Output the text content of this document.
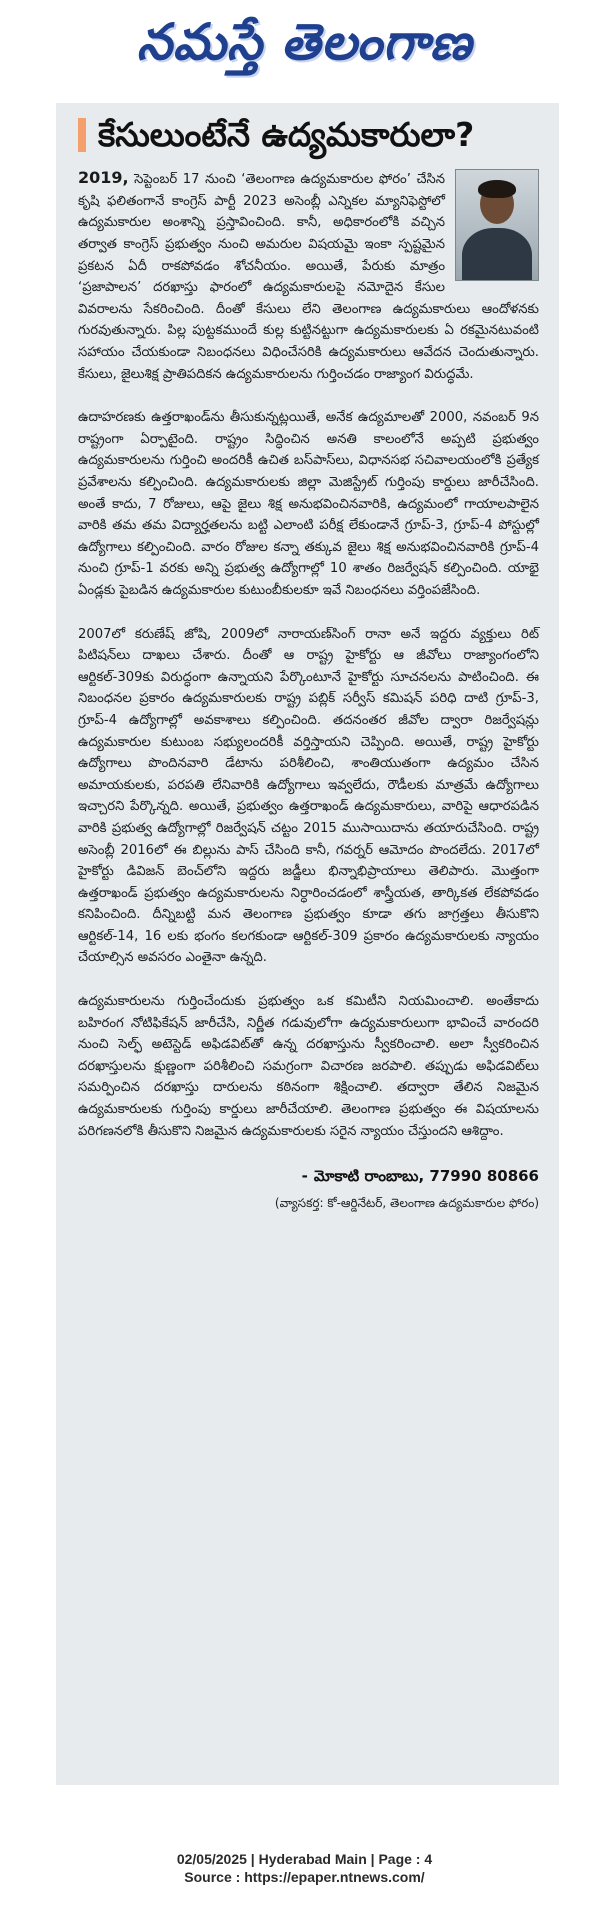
నమస్తే తెలంగాణ
కేసులుంటేనే ఉద్యమకారులా?

2019, సెప్టెంబర్ 17 నుంచి ‘తెలంగాణ ఉద్యమకారుల ఫోరం’ చేసిన కృషి ఫలితంగానే కాంగ్రెస్ పార్టీ 2023 అసెంబ్లీ ఎన్నికల మ్యానిఫెస్టోలో ఉద్యమకారుల అంశాన్ని ప్రస్తావించింది. కానీ, అధికారంలోకి వచ్చిన తర్వాత కాంగ్రెస్ ప్రభుత్వం నుంచి అమరుల విషయమై ఇంకా స్పష్టమైన ప్రకటన ఏదీ రాకపోవడం శోచనీయం. అయితే, పేరుకు మాత్రం ‘ప్రజాపాలన’ దరఖాస్తు ఫారంలో ఉద్యమకారులపై నమోదైన కేసుల వివరాలను సేకరించింది. దీంతో కేసులు లేని తెలంగాణ ఉద్యమకారులు ఆందోళనకు గురవుతున్నారు. పిల్ల పుట్టకముందే కుల్ల కుట్టినట్టుగా ఉద్యమకారులకు ఏ రకమైనటువంటి సహాయం చేయకుండా నిబంధనలు విధించేసరికి ఉద్యమకారులు ఆవేదన చెందుతున్నారు. కేసులు, జైలుశిక్ష ప్రాతిపదికన ఉద్యమకారులను గుర్తించడం రాజ్యాంగ విరుద్ధమే.

ఉదాహరణకు ఉత్తరాఖండ్‌ను తీసుకున్నట్లయితే, అనేక ఉద్యమాలతో 2000, నవంబర్ 9న రాష్ట్రంగా ఏర్పాటైంది. రాష్ట్రం సిద్ధించిన అనతి కాలంలోనే అప్పటి ప్రభుత్వం ఉద్యమకారులను గుర్తించి అందరికీ ఉచిత బస్‌పాస్‌లు, విధానసభ సచివాలయంలోకి ప్రత్యేక ప్రవేశాలను కల్పించింది. ఉద్యమకారులకు జిల్లా మెజిస్ట్రేట్ గుర్తింపు కార్డులు జారీచేసింది. అంతే కాదు, 7 రోజులు, ఆపై జైలు శిక్ష అనుభవించినవారికి, ఉద్యమంలో గాయాలపాలైన వారికి తమ తమ విద్యార్హతలను బట్టి ఎలాంటి పరీక్ష లేకుండానే గ్రూప్-3, గ్రూప్-4 పోస్టుల్లో ఉద్యోగాలు కల్పించింది. వారం రోజుల కన్నా తక్కువ జైలు శిక్ష అనుభవించినవారికి గ్రూప్-4 నుంచి గ్రూప్-1 వరకు అన్ని ప్రభుత్వ ఉద్యోగాల్లో 10 శాతం రిజర్వేషన్ కల్పించింది. యాభై ఏండ్లకు పైబడిన ఉద్యమకారుల కుటుంబీకులకూ ఇవే నిబంధనలు వర్తింపజేసింది.

2007లో కరుణేష్ జోషి, 2009లో నారాయణ్‌సింగ్ రానా అనే ఇద్దరు వ్యక్తులు రిట్ పిటిషన్‌లు దాఖలు చేశారు. దీంతో ఆ రాష్ట్ర హైకోర్టు ఆ జీవోలు రాజ్యాంగంలోని ఆర్టికల్-309కు విరుద్ధంగా ఉన్నాయని పేర్కొంటూనే హైకోర్టు సూచనలను పాటించింది. ఈ నిబంధనల ప్రకారం ఉద్యమకారులకు రాష్ట్ర పబ్లిక్ సర్వీస్ కమిషన్ పరిధి దాటి గ్రూప్-3, గ్రూప్-4 ఉద్యోగాల్లో అవకాశాలు కల్పించింది. తదనంతర జీవోల ద్వారా రిజర్వేషన్లు ఉద్యమకారుల కుటుంబ సభ్యులందరికీ వర్తిస్తాయని చెప్పింది. అయితే, రాష్ట్ర హైకోర్టు ఉద్యోగాలు పొందినవారి డేటాను పరిశీలించి, శాంతియుతంగా ఉద్యమం చేసిన అమాయకులకు, పరపతి లేనివారికి ఉద్యోగాలు ఇవ్వలేదు, రౌడీలకు మాత్రమే ఉద్యోగాలు ఇచ్చారని పేర్కొన్నది. అయితే, ప్రభుత్వం ఉత్తరాఖండ్ ఉద్యమకారులు, వారిపై ఆధారపడిన వారికి ప్రభుత్వ ఉద్యోగాల్లో రిజర్వేషన్ చట్టం 2015 ముసాయిదాను తయారుచేసింది. రాష్ట్ర అసెంబ్లీ 2016లో ఈ బిల్లును పాస్ చేసింది కానీ, గవర్నర్ ఆమోదం పొందలేదు. 2017లో హైకోర్టు డివిజన్ బెంచ్‌లోని ఇద్దరు జడ్జీలు భిన్నాభిప్రాయాలు తెలిపారు. మొత్తంగా ఉత్తరాఖండ్ ప్రభుత్వం ఉద్యమకారులను నిర్ధారించడంలో శాస్త్రీయత, తార్కికత లేకపోవడం కనిపించింది. దీన్నిబట్టి మన తెలంగాణ ప్రభుత్వం కూడా తగు జాగ్రత్తలు తీసుకొని ఆర్టికల్-14, 16 లకు భంగం కలగకుండా ఆర్టికల్-309 ప్రకారం ఉద్యమకారులకు న్యాయం చేయాల్సిన అవసరం ఎంతైనా ఉన్నది.

ఉద్యమకారులను గుర్తించేందుకు ప్రభుత్వం ఒక కమిటీని నియమించాలి. అంతేకాదు బహిరంగ నోటిఫికేషన్ జారీచేసి, నిర్ణీత గడువులోగా ఉద్యమకారులుగా భావించే వారందరి నుంచి సెల్ఫ్ అటెస్టెడ్ అఫిడవిట్‌తో ఉన్న దరఖాస్తును స్వీకరించాలి. అలా స్వీకరించిన దరఖాస్తులను క్షుణ్ణంగా పరిశీలించి సమగ్రంగా విచారణ జరపాలి. తప్పుడు అఫిడవిట్‌లు సమర్పించిన దరఖాస్తు దారులను కఠినంగా శిక్షించాలి. తద్వారా తేలిన నిజమైన ఉద్యమకారులకు గుర్తింపు కార్డులు జారీచేయాలి. తెలంగాణ ప్రభుత్వం ఈ విషయాలను పరిగణనలోకి తీసుకొని నిజమైన ఉద్యమకారులకు సరైన న్యాయం చేస్తుందని ఆశిద్దాం.

- మోకాటి రాంబాబు, 77990 80866
(వ్యాసకర్త: కో-ఆర్డినేటర్, తెలంగాణ ఉద్యమకారుల ఫోరం)
02/05/2025 | Hyderabad Main | Page : 4
Source : https://epaper.ntnews.com/
